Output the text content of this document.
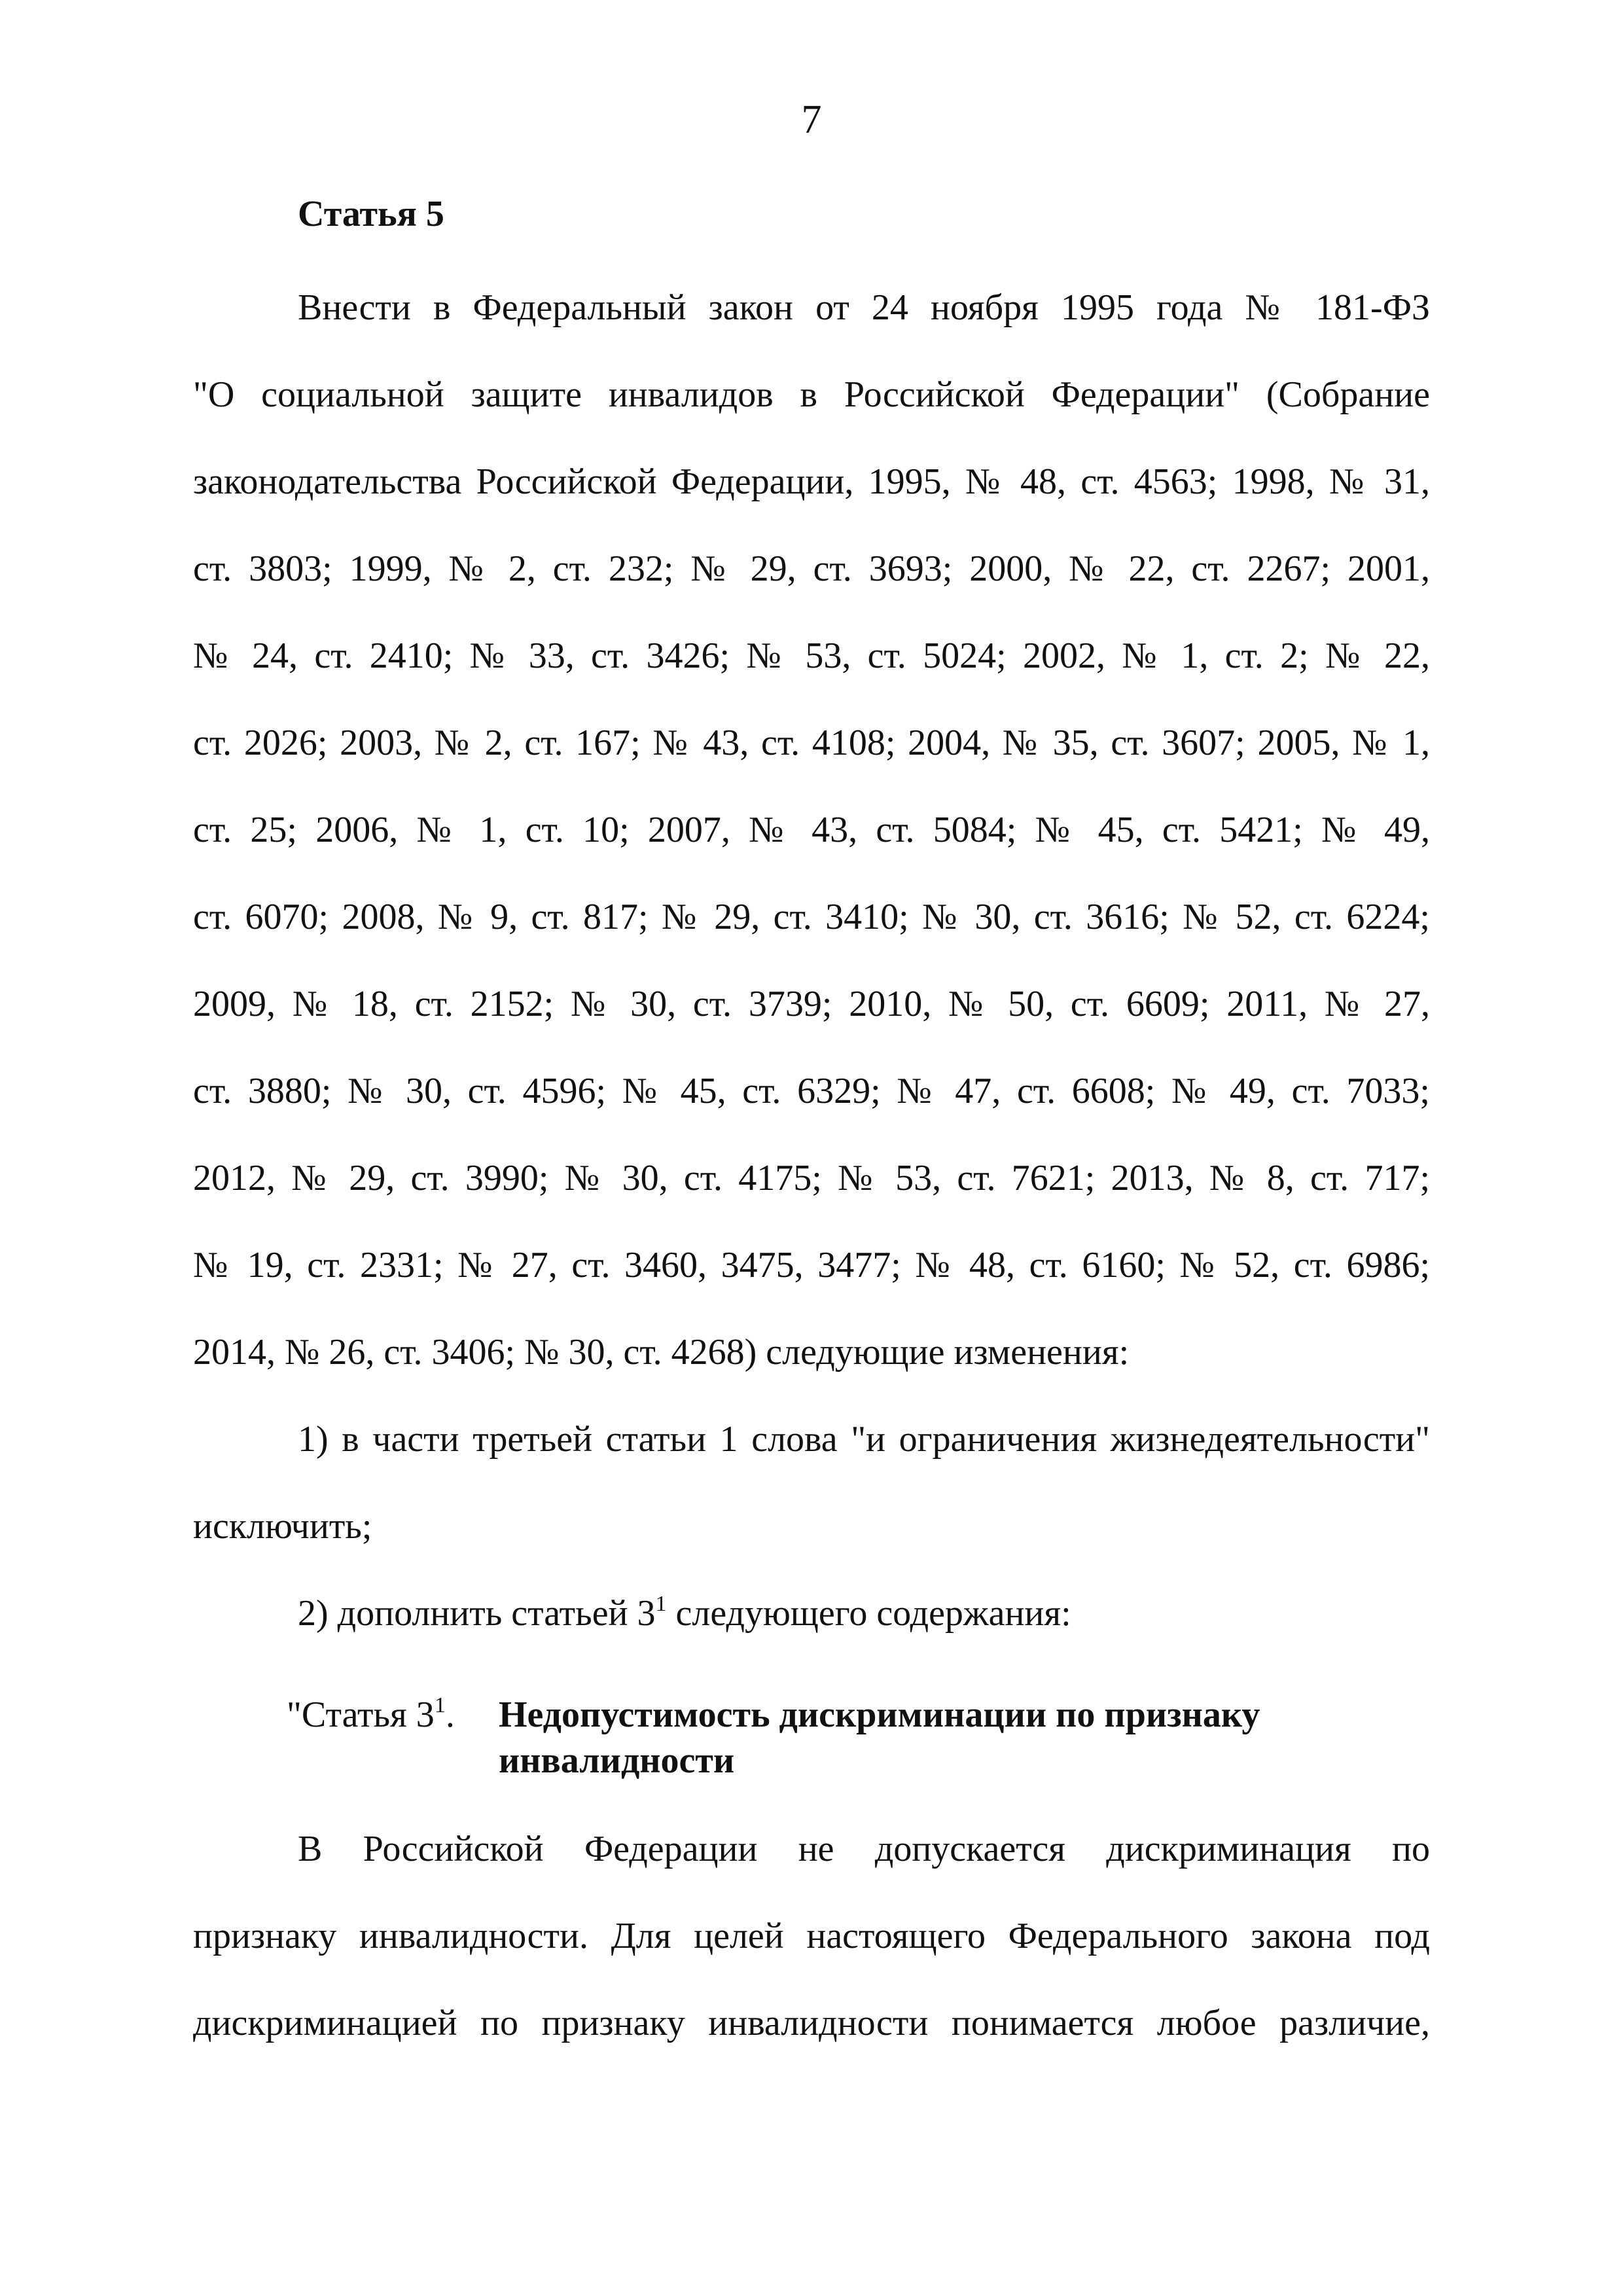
7
Статья 5
Внести в Федеральный закон от 24 ноября 1995 года № 181-ФЗ
"О социальной защите инвалидов в Российской Федерации" (Собрание
законодательства Российской Федерации, 1995, № 48, ст. 4563; 1998, № 31,
ст. 3803; 1999, № 2, ст. 232; № 29, ст. 3693; 2000, № 22, ст. 2267; 2001,
№ 24, ст. 2410; № 33, ст. 3426; № 53, ст. 5024; 2002, № 1, ст. 2; № 22,
ст. 2026; 2003, № 2, ст. 167; № 43, ст. 4108; 2004, № 35, ст. 3607; 2005, № 1,
ст. 25; 2006, № 1, ст. 10; 2007, № 43, ст. 5084; № 45, ст. 5421; № 49,
ст. 6070; 2008, № 9, ст. 817; № 29, ст. 3410; № 30, ст. 3616; № 52, ст. 6224;
2009, № 18, ст. 2152; № 30, ст. 3739; 2010, № 50, ст. 6609; 2011, № 27,
ст. 3880; № 30, ст. 4596; № 45, ст. 6329; № 47, ст. 6608; № 49, ст. 7033;
2012, № 29, ст. 3990; № 30, ст. 4175; № 53, ст. 7621; 2013, № 8, ст. 717;
№ 19, ст. 2331; № 27, ст. 3460, 3475, 3477; № 48, ст. 6160; № 52, ст. 6986;
2014, № 26, ст. 3406; № 30, ст. 4268) следующие изменения:
1) в части третьей статьи 1 слова "и ограничения жизнедеятельности"
исключить;
2) дополнить статьей $3^1$ следующего содержания:
"Статья $3^1$. Недопустимость дискриминации по признаку
инвалидности
В Российской Федерации не допускается дискриминация по
признаку инвалидности. Для целей настоящего Федерального закона под
дискриминацией по признаку инвалидности понимается любое различие,
